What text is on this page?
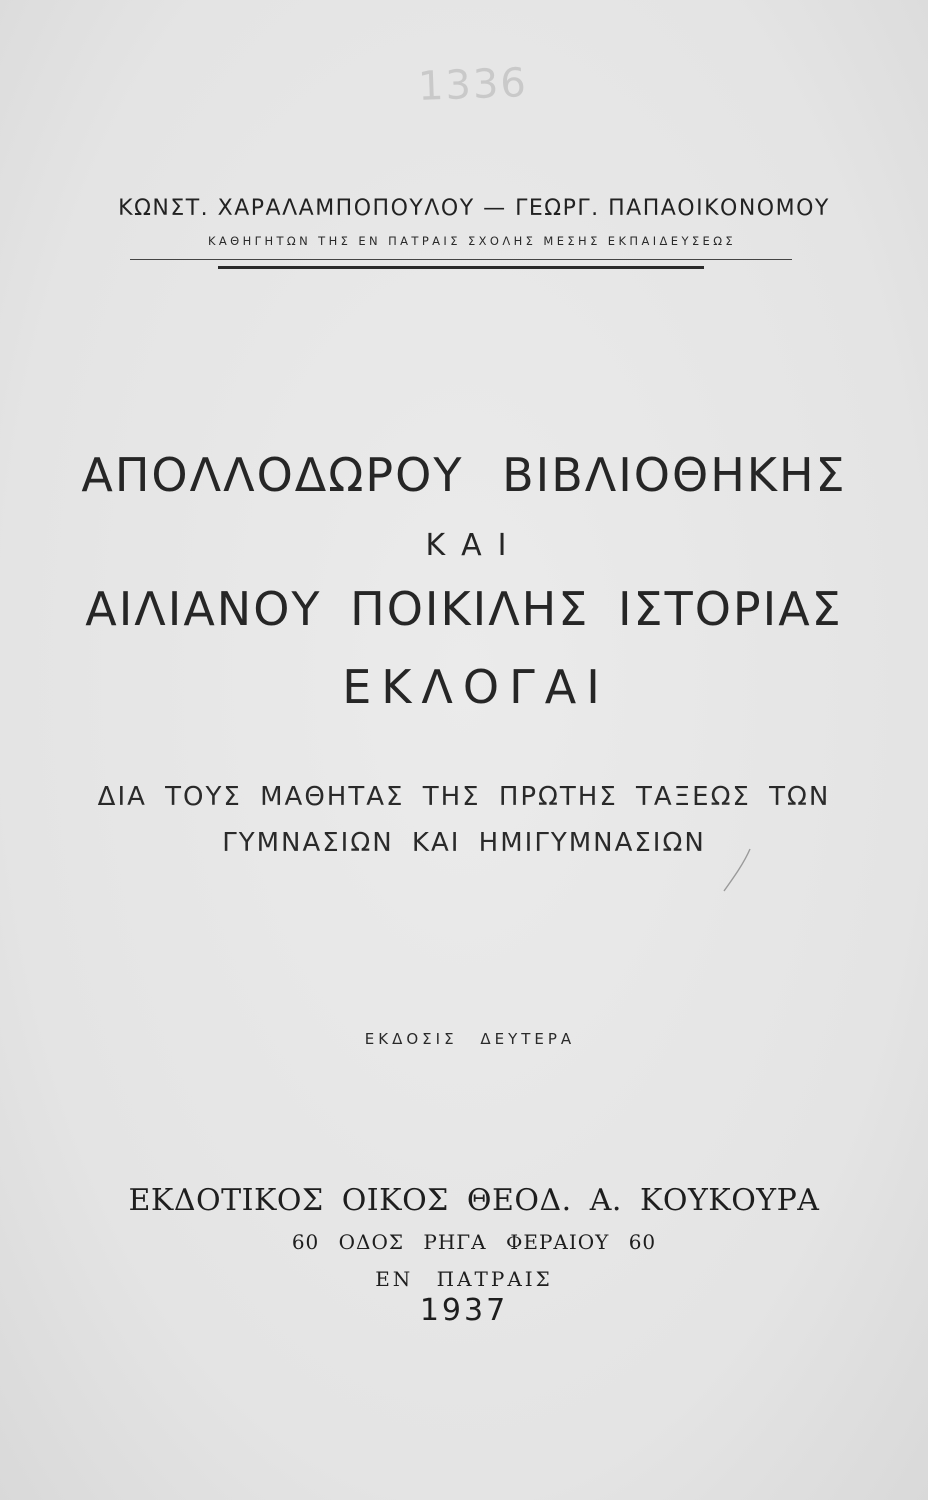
1336
ΚΩΝΣΤ. ΧΑΡΑΛΑΜΠΟΠΟΥΛΟΥ — ΓΕΩΡΓ. ΠΑΠΑΟΙΚΟΝΟΜΟΥ
ΚΑΘΗΓΗΤΩΝ ΤΗΣ ΕΝ ΠΑΤΡΑΙΣ ΣΧΟΛΗΣ ΜΕΣΗΣ ΕΚΠΑΙΔΕΥΣΕΩΣ
ΑΠΟΛΛΟΔΩΡΟΥ ΒΙΒΛΙΟΘΗΚΗΣ
ΚΑΙ
ΑΙΛΙΑΝΟΥ ΠΟΙΚΙΛΗΣ ΙΣΤΟΡΙΑΣ
ΕΚΛΟΓΑΙ
ΔΙΑ ΤΟΥΣ ΜΑΘΗΤΑΣ ΤΗΣ ΠΡΩΤΗΣ ΤΑΞΕΩΣ ΤΩΝ
ΓΥΜΝΑΣΙΩΝ ΚΑΙ ΗΜΙΓΥΜΝΑΣΙΩΝ
ΕΚΔΟΣΙΣ ΔΕΥΤΕΡΑ
ΕΚΔΟΤΙΚΟΣ ΟΙΚΟΣ ΘΕΟΔ. Α. ΚΟΥΚΟΥΡΑ
60 ΟΔΟΣ ΡΗΓΑ ΦΕΡΑΙΟΥ 60
ΕΝ ΠΑΤΡΑΙΣ
1937
